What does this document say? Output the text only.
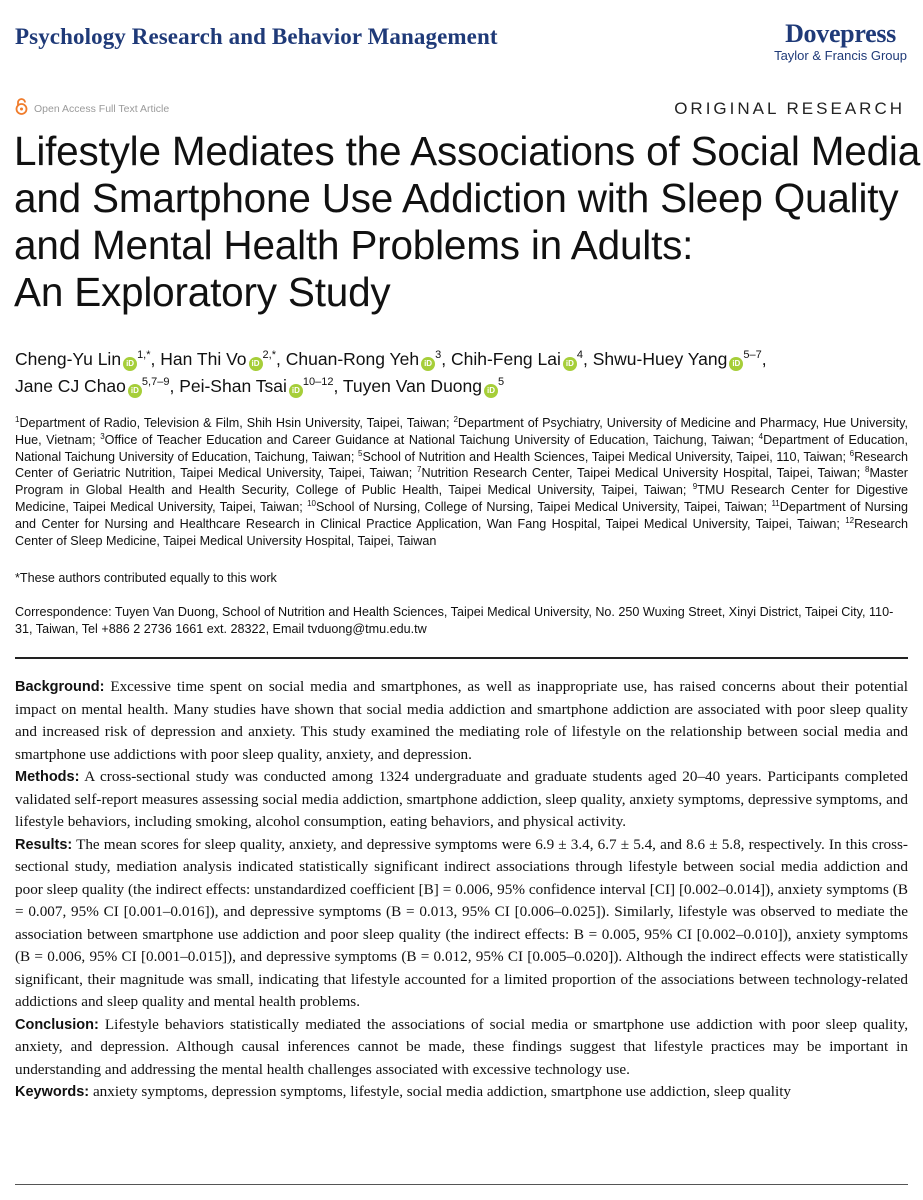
Psychology Research and Behavior Management	Dovepress
Taylor & Francis Group
Open Access Full Text Article	ORIGINAL RESEARCH
Lifestyle Mediates the Associations of Social Media
and Smartphone Use Addiction with Sleep Quality
and Mental Health Problems in Adults:
An Exploratory Study
Cheng-Yu Lin $iD^{1,*}$, Han Thi Vo $iD^{2,*}$, Chuan-Rong Yeh $iD^3$, Chih-Feng Lai $iD^4$, Shwu-Huey Yang $iD^{5-7}$,
Jane CJ Chao iD$^{5,7-9}$, Pei-Shan Tsai $iD^{10-12}$, Tuyen Van Duong $iD^5$
$^1$Department of Radio, Television & Film, Shih Hsin University, Taipei, Taiwan; $^2$Department of Psychiatry, University of Medicine and Pharmacy, Hue University, Hue, Vietnam; $^3$Office of Teacher Education and Career Guidance at National Taichung University of Education, Taichung, Taiwan; $^4$Department of Education, National Taichung University of Education, Taichung, Taiwan; $^5$School of Nutrition and Health Sciences, Taipei Medical University, Taipei, 110, Taiwan; $^6$Research Center of Geriatric Nutrition, Taipei Medical University, Taipei, Taiwan; $^7$Nutrition Research Center, Taipei Medical University Hospital, Taipei, Taiwan; $^8$Master Program in Global Health and Health Security, College of Public Health, Taipei Medical University, Taipei, Taiwan; $^9$TMU Research Center for Digestive Medicine, Taipei Medical University, Taipei, Taiwan; $^{10}$School of Nursing, College of Nursing, Taipei Medical University, Taipei, Taiwan; $^{11}$Department of Nursing and Center for Nursing and Healthcare Research in Clinical Practice Application, Wan Fang Hospital, Taipei Medical University, Taipei, Taiwan; $^{12}$Research Center of Sleep Medicine, Taipei Medical University Hospital, Taipei, Taiwan
*These authors contributed equally to this work
Correspondence: Tuyen Van Duong, School of Nutrition and Health Sciences, Taipei Medical University, No. 250 Wuxing Street, Xinyi District, Taipei City, 110-31, Taiwan, Tel +886 2 2736 1661 ext. 28322, Email tvduong@tmu.edu.tw

Background: Excessive time spent on social media and smartphones, as well as inappropriate use, has raised concerns about their potential impact on mental health. Many studies have shown that social media addiction and smartphone addiction are associated with poor sleep quality and increased risk of depression and anxiety. This study examined the mediating role of lifestyle on the relationship between social media and smartphone use addictions with poor sleep quality, anxiety, and depression.

Methods: A cross-sectional study was conducted among 1324 undergraduate and graduate students aged 20–40 years. Participants completed validated self-report measures assessing social media addiction, smartphone addiction, sleep quality, anxiety symptoms, depressive symptoms, and lifestyle behaviors, including smoking, alcohol consumption, eating behaviors, and physical activity.

Results: The mean scores for sleep quality, anxiety, and depressive symptoms were 6.9 ± 3.4, 6.7 ± 5.4, and 8.6 ± 5.8, respectively. In this cross-sectional study, mediation analysis indicated statistically significant indirect associations through lifestyle between social media addiction and poor sleep quality (the indirect effects: unstandardized coefficient [B] = 0.006, 95% confidence interval [CI] [0.002–0.014]), anxiety symptoms (B = 0.007, 95% CI [0.001–0.016]), and depressive symptoms (B = 0.013, 95% CI [0.006–0.025]). Similarly, lifestyle was observed to mediate the association between smartphone use addiction and poor sleep quality (the indirect effects: B = 0.005, 95% CI [0.002–0.010]), anxiety symptoms (B = 0.006, 95% CI [0.001–0.015]), and depressive symptoms (B = 0.012, 95% CI [0.005–0.020]). Although the indirect effects were statistically significant, their magnitude was small, indicating that lifestyle accounted for a limited proportion of the associations between technology-related addictions and sleep quality and mental health problems.

Conclusion: Lifestyle behaviors statistically mediated the associations of social media or smartphone use addiction with poor sleep quality, anxiety, and depression. Although causal inferences cannot be made, these findings suggest that lifestyle practices may be important in understanding and addressing the mental health challenges associated with excessive technology use.

Keywords: anxiety symptoms, depression symptoms, lifestyle, social media addiction, smartphone use addiction, sleep quality
